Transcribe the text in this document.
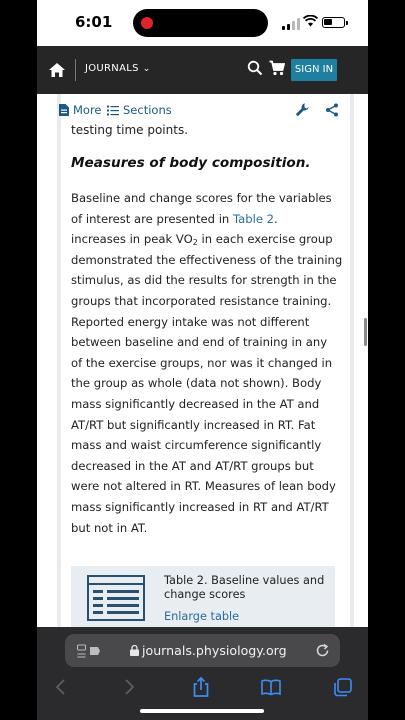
6:01
JOURNALS ⌄	SIGN IN
More	Sections
testing time points.
Measures of body composition.
Baseline and change scores for the variables
of interest are presented in Table 2.
increases in peak $VO_2$ in each exercise group
demonstrated the effectiveness of the training
stimulus, as did the results for strength in the
groups that incorporated resistance training.
Reported energy intake was not different
between baseline and end of training in any
of the exercise groups, nor was it changed in
the group as whole (data not shown). Body
mass significantly decreased in the AT and
AT/RT but significantly increased in RT. Fat
mass and waist circumference significantly
decreased in the AT and AT/RT groups but
were not altered in RT. Measures of lean body
mass significantly increased in RT and AT/RT
but not in AT.
Table 2. Baseline values and change scores
Enlarge table
journals.physiology.org
